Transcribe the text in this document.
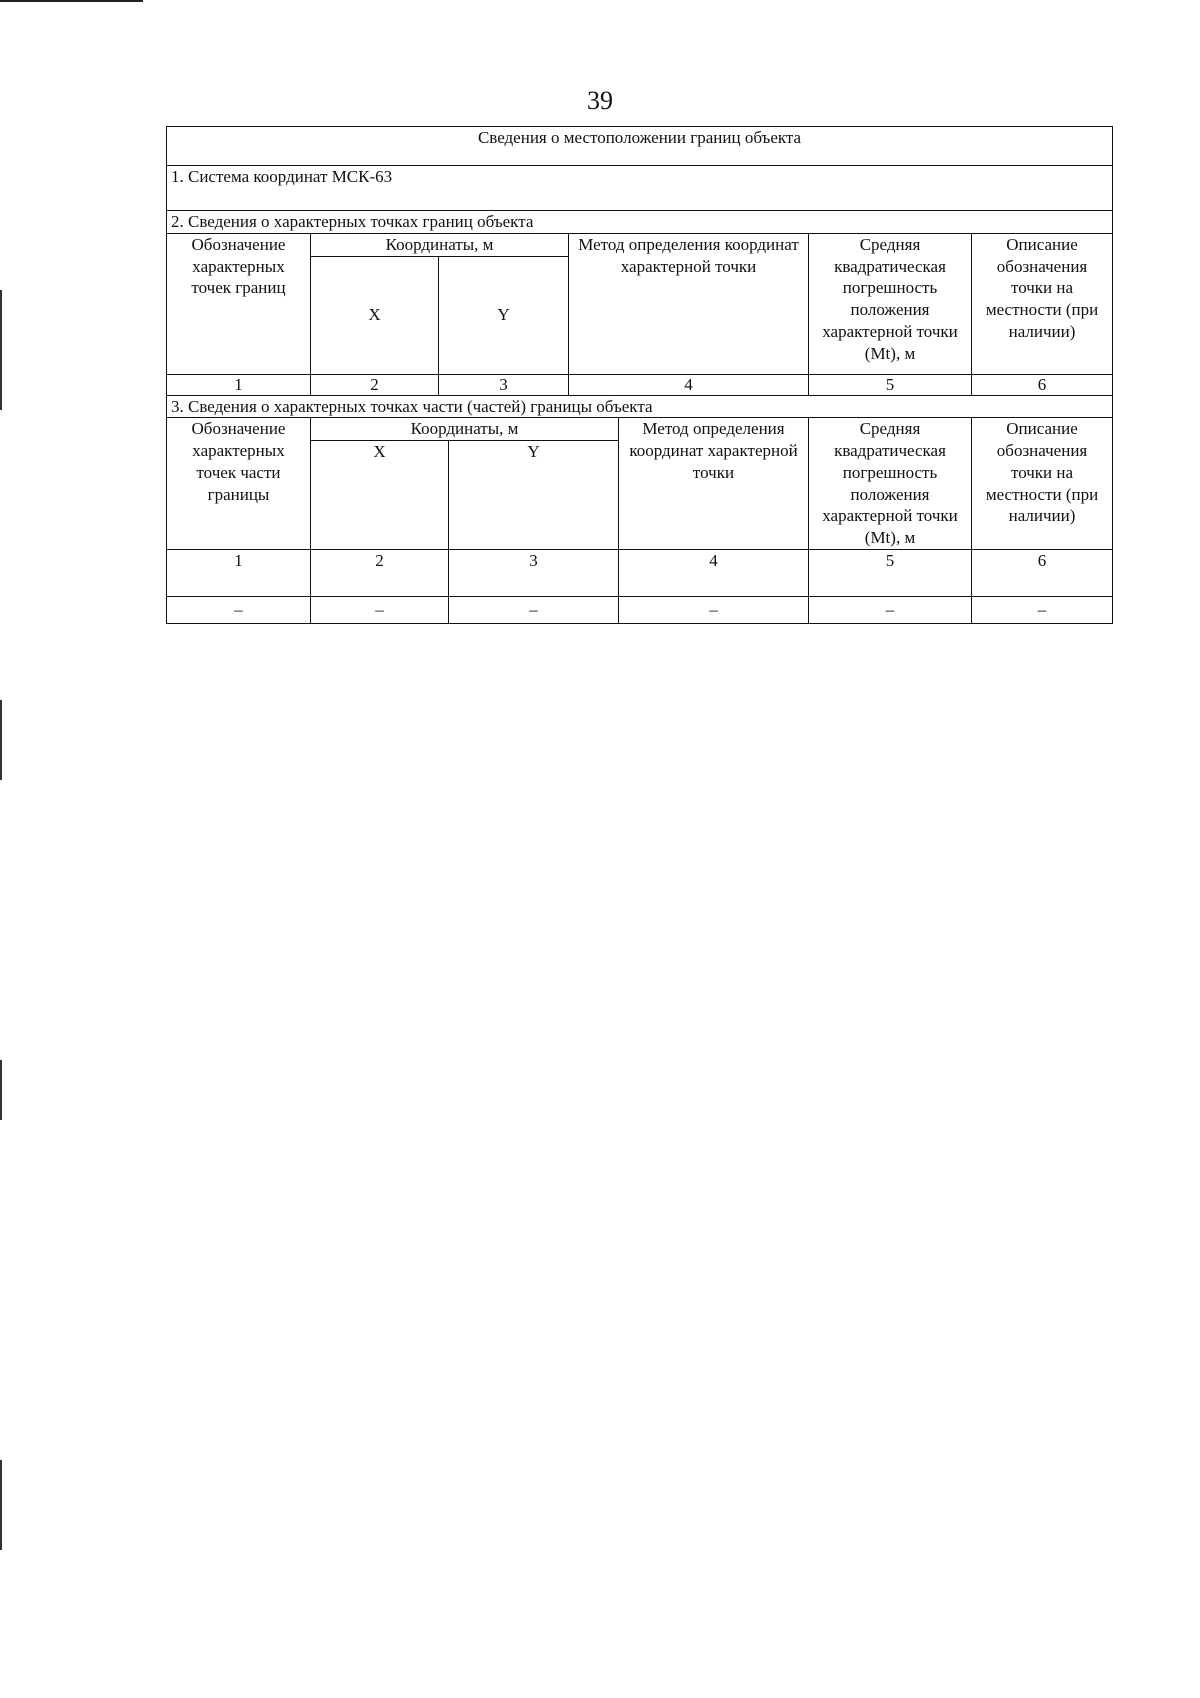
39
Сведения о местоположении границ объекта							
1. Система координат МСК-63							
2. Сведения о характерных точках границ объекта							
Обозначение характерных точек границ	Координаты, м			Метод определения координат характерной точки		Средняя квадратическая погрешность положения характерной точки (Mt), м	Описание обозначения точки на местности (при наличии)
	X	Y					
1	2	3		4		5	6
3. Сведения о характерных точках части (частей) границы объекта							
Обозначение характерных точек части границы	Координаты, м				Метод определения координат характерной точки	Средняя квадратическая погрешность положения характерной точки (Mt), м	Описание обозначения точки на местности (при наличии)
	X		Y				
1	2		3		4	5	6
–	–		–		–	–	–
